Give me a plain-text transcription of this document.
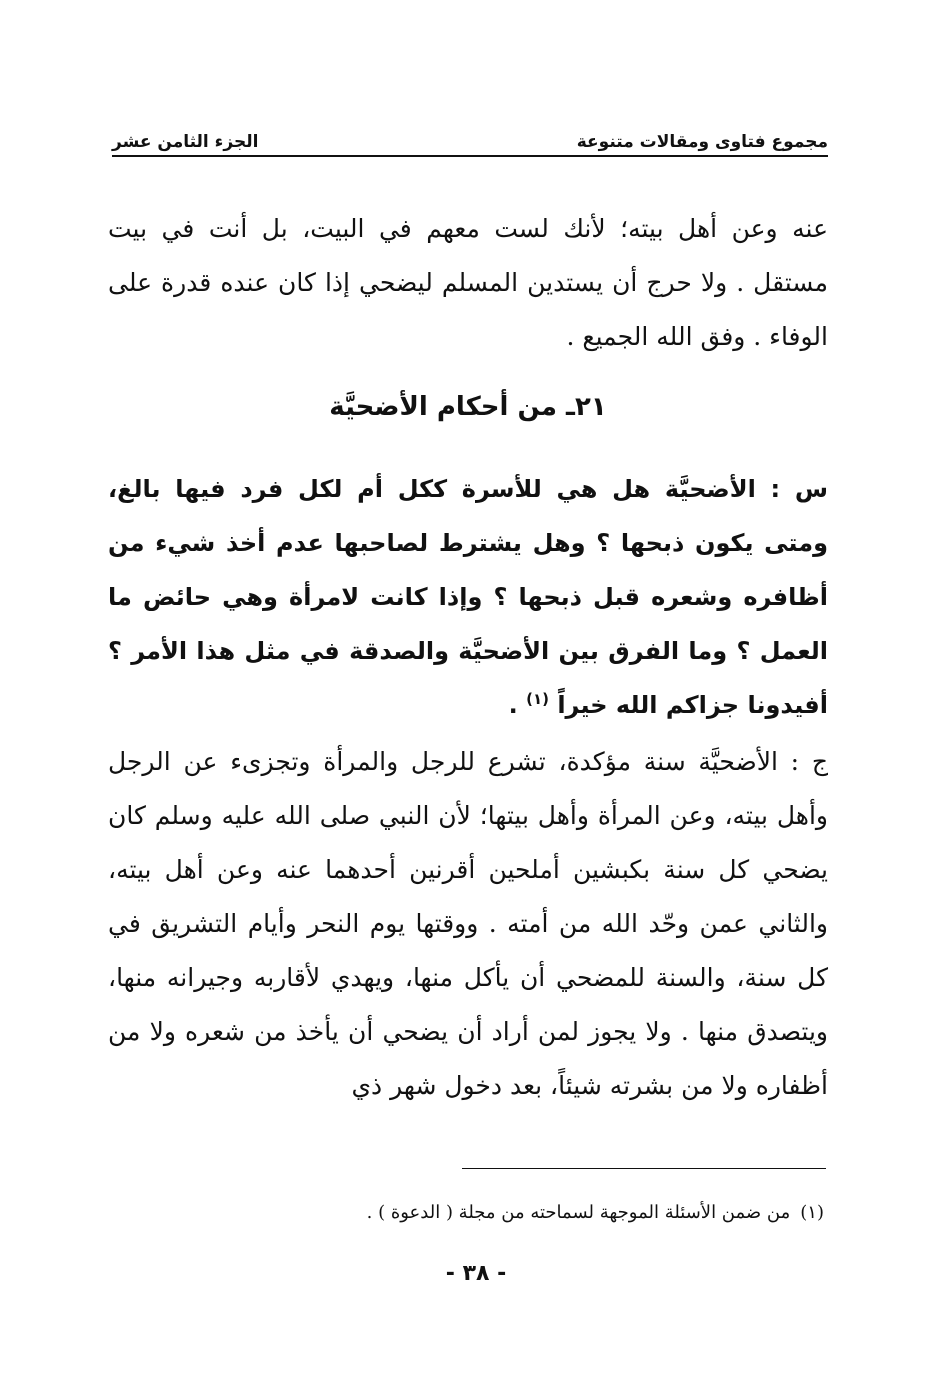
مجموع فتاوى ومقالات متنوعة
الجزء الثامن عشر

عنه وعن أهل بيته؛ لأنك لست معهم في البيت، بل أنت في بيت مستقل . ولا حرج أن يستدين المسلم ليضحي إذا كان عنده قدرة على الوفاء . وفق الله الجميع .

٢١ـ من أحكام الأضحيَّة

س : الأضحيَّة هل هي للأسرة ككل أم لكل فرد فيها بالغ، ومتى يكون ذبحها ؟ وهل يشترط لصاحبها عدم أخذ شيء من أظافره وشعره قبل ذبحها ؟ وإذا كانت لامرأة وهي حائض ما العمل ؟ وما الفرق بين الأضحيَّة والصدقة في مثل هذا الأمر ؟ أفيدونا جزاكم الله خيراً $^{(١)}$ .

ج : الأضحيَّة سنة مؤكدة، تشرع للرجل والمرأة وتجزىء عن الرجل وأهل بيته، وعن المرأة وأهل بيتها؛ لأن النبي صلى الله عليه وسلم كان يضحي كل سنة بكبشين أملحين أقرنين أحدهما عنه وعن أهل بيته، والثاني عمن وحّد الله من أمته . ووقتها يوم النحر وأيام التشريق في كل سنة، والسنة للمضحي أن يأكل منها، ويهدي لأقاربه وجيرانه منها، ويتصدق منها . ولا يجوز لمن أراد أن يضحي أن يأخذ من شعره ولا من أظفاره ولا من بشرته شيئاً، بعد دخول شهر ذي

(١)من ضمن الأسئلة الموجهة لسماحته من مجلة ( الدعوة ) .
- ٣٨ -
